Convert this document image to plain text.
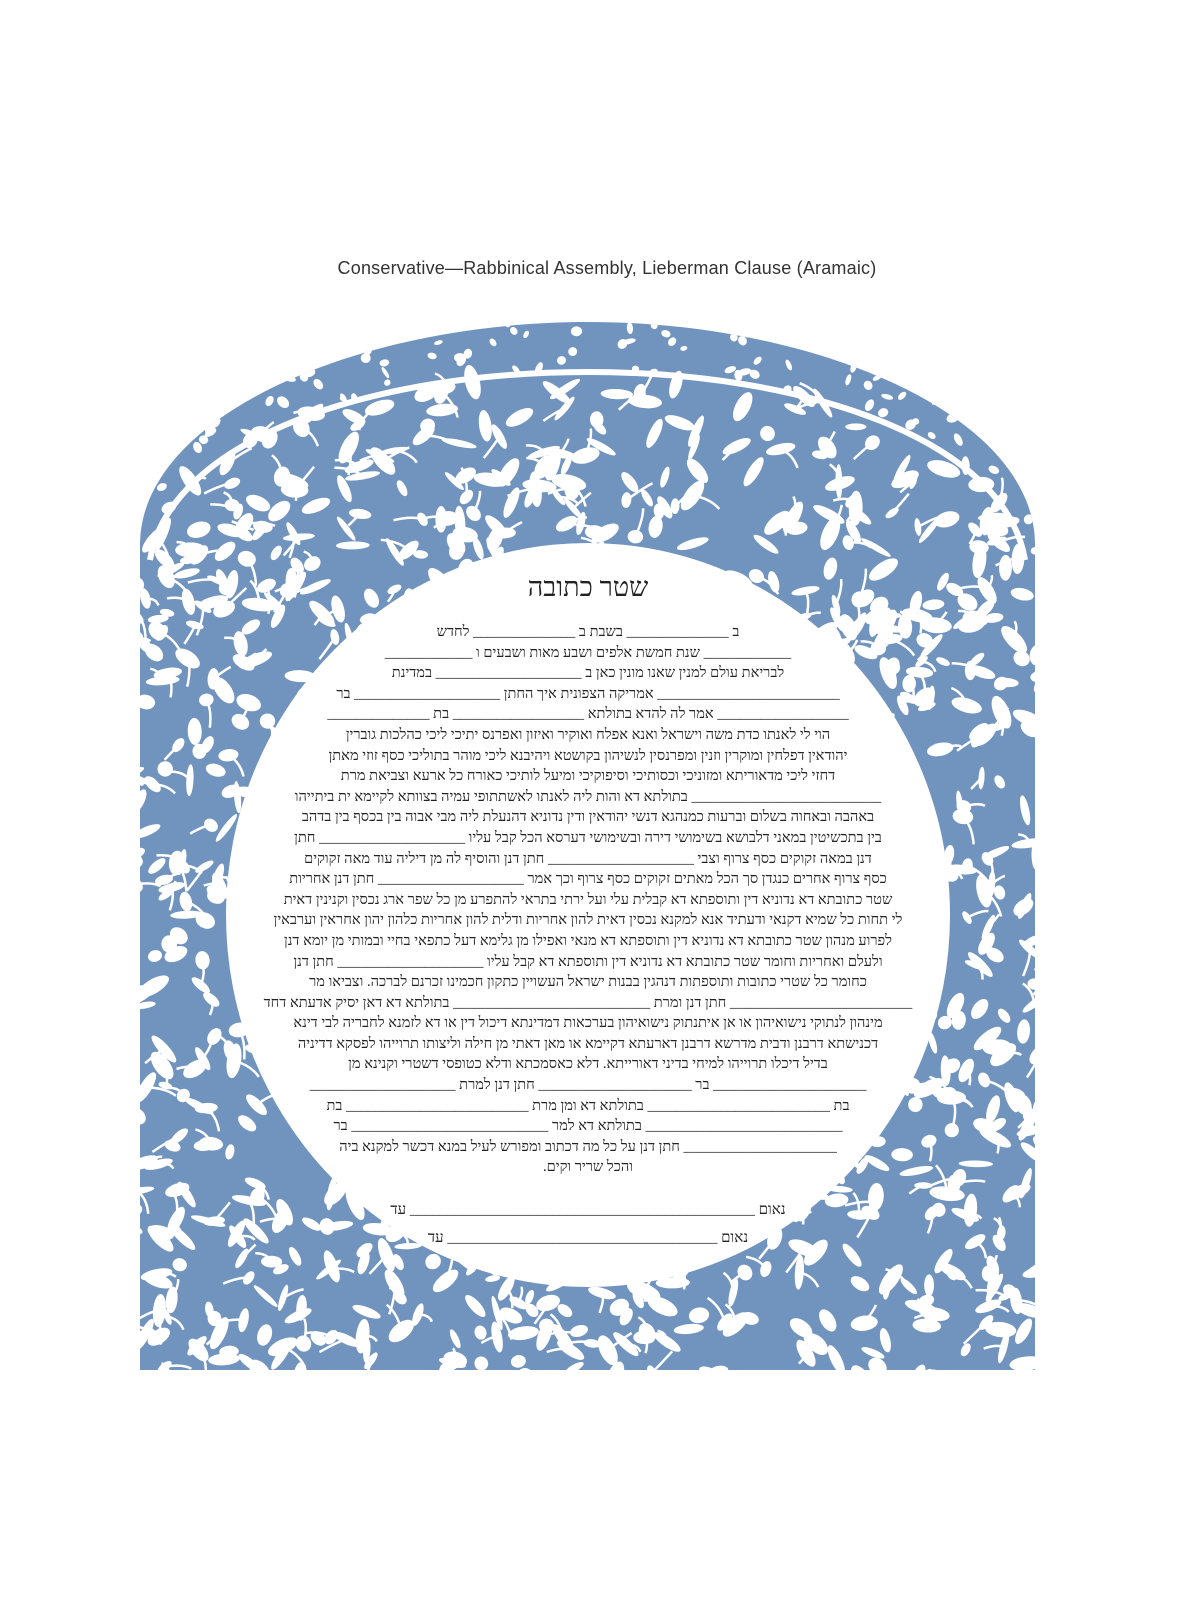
Conservative—Rabbinical Assembly, Lieberman Clause (Aramaic)
שטר כתובה
ב ______________ בשבת ב ______________ לחדש
____________ שנת חמשת אלפים ושבע מאות ושבעים ו ____________
לבריאת עולם למנין שאנו מונין כאן ב ____________________ במדינת
_________________________ אמריקה הצפונית איך החתן ____________________ בר
__________________ אמר לה להדא בתולתא __________________ בת ______________
הוי לי לאנתו כדת משה וישראל ואנא אפלח ואוקיר ואיזון ואפרנס יתיכי ליכי כהלכות גוברין
יהודאין דפלחין ומוקרין וזנין ומפרנסין לנשיהון בקושטא ויהיבנא ליכי מוהר בתוליכי כסף זוזי מאתן
דחזי ליכי מדאוריתא ומזוניכי וכסותיכי וסיפוקיכי ומיעל לותיכי כאורח כל ארעא וצביאת מרת
__________________________ בתולתא דא והות ליה לאנתו לאשתתופי עמיה בצוותא לקיימא ית ביתייהו
באהבה ובאחוה בשלום וברעות כמנהגא דנשי יהודאין ודין נדוניא דהנעלת ליה מבי אבוה בין בכסף בין בדהב
בין בתכשיטין במאני דלבושא בשימושי דירה ובשימושי דערסא הכל קבל עליו ____________________ חתן
דנן במאה זקוקים כסף צרוף וצבי ____________________ חתן דנן והוסיף לה מן דיליה עוד מאה זקוקים
כסף צרוף אחרים כנגדן סך הכל מאתים זקוקים כסף צרוף וכך אמר ____________________ חתן דנן אחריות
שטר כתובתא דא נדוניא דין ותוספתא דא קבלית עלי ועל ירתי בתראי להתפרע מן כל שפר ארג נכסין וקנינין דאית
לי תחות כל שמיא דקנאי ודעתיד אנא למקנא נכסין דאית להון אחריות ודלית להון אחריות כלהון יהון אחראין וערבאין
לפרוע מנהון שטר כתובתא דא נדוניא דין ותוספתא דא מנאי ואפילו מן גלימא דעל כתפאי בחיי ובמותי מן יומא דנן
ולעלם ואחריות וחומר שטר כתובתא דא נדוניא דין ותוספתא דא קבל עליו ____________________ חתן דנן
כחומר כל שטרי כתובות ותוספתות דנהגין בבנות ישראל העשויין כתקון חכמינו זכרנם לברכה. וצביאו מר
_________________________ חתן דנן ומרת ___________________________ בתולתא דא דאן יסיק אדעתא דחד
מינהון לנתוקי נישואיהון או אן איתנתוק נישואיהון בערכאות דמדינתא דיכול דין או דא לזמנא לחבריה לבי דינא
דכנישתא דרבנן ודבית מדרשא דרבנן דארעתא דקיימא או מאן דאתי מן חילה וליצותו תרוייהו לפסקא דדיניה
בדיל דיכלו תרוייהו למיחי בדיני דאורייתא. דלא כאסמכתא ודלא כטופסי דשטרי וקנינא מן
_____________________ בר _____________________ חתן דנן למרת ____________________
בת _________________________ בתולתא דא ומן מרת _________________________ בת
___________________________ בתולתא דא למר ___________________________ בר
_____________________ חתן דנן על כל מה דכתוב ומפורש לעיל במנא דכשר למקנא ביה
והכל שריר וקים.
נאום ______________________________________________ עד
נאום ____________________________________ עד
